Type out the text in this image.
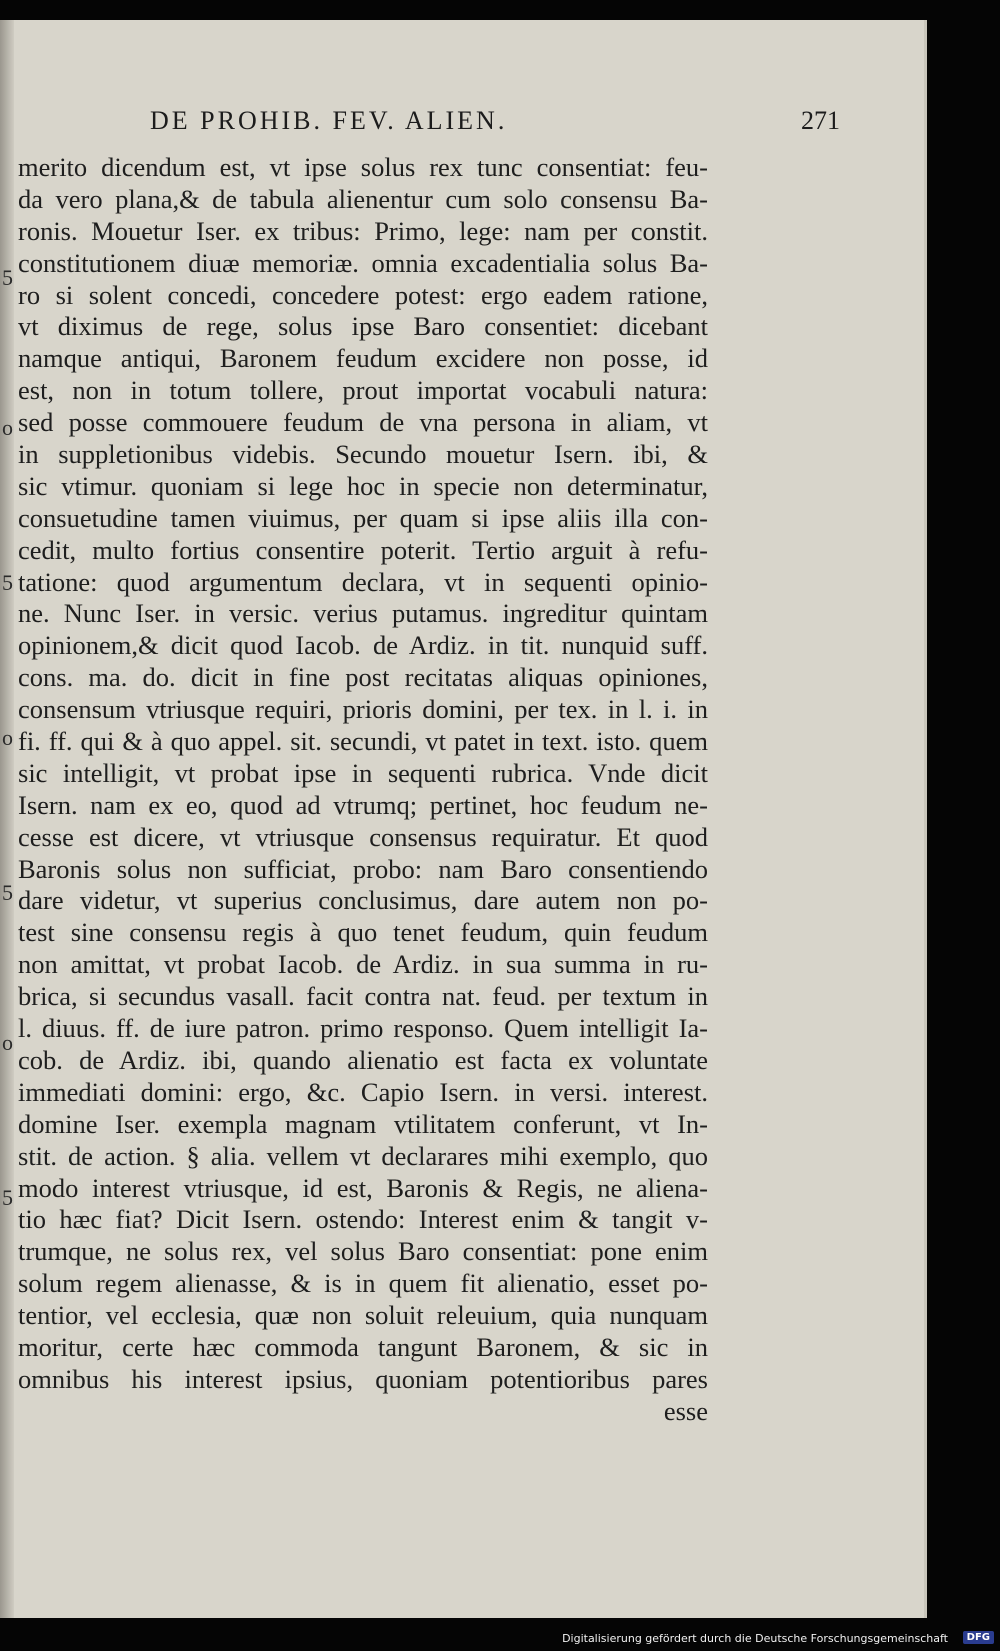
5
o
5
o
5
o
5
DE PROHIB. FEV. ALIEN.	271
merito dicendum est, vt ipse solus rex tunc consentiat: feu-
da vero plana,& de tabula alienentur cum solo consensu Ba-
ronis. Mouetur Iser. ex tribus: Primo, lege: nam per constit.
constitutionem diuæ memoriæ. omnia excadentialia solus Ba-
ro si solent concedi, concedere potest: ergo eadem ratione,
vt diximus de rege, solus ipse Baro consentiet: dicebant
namque antiqui, Baronem feudum excidere non posse, id
est, non in totum tollere, prout importat vocabuli natura:
sed posse commouere feudum de vna persona in aliam, vt
in suppletionibus videbis. Secundo mouetur Isern. ibi, &
sic vtimur. quoniam si lege hoc in specie non determinatur,
consuetudine tamen viuimus, per quam si ipse aliis illa con-
cedit, multo fortius consentire poterit. Tertio arguit à refu-
tatione: quod argumentum declara, vt in sequenti opinio-
ne. Nunc Iser. in versic. verius putamus. ingreditur quintam
opinionem,& dicit quod Iacob. de Ardiz. in tit. nunquid suff.
cons. ma. do. dicit in fine post recitatas aliquas opiniones,
consensum vtriusque requiri, prioris domini, per tex. in l. i. in
fi. ff. qui & à quo appel. sit. secundi, vt patet in text. isto. quem
sic intelligit, vt probat ipse in sequenti rubrica. Vnde dicit
Isern. nam ex eo, quod ad vtrumq; pertinet, hoc feudum ne-
cesse est dicere, vt vtriusque consensus requiratur. Et quod
Baronis solus non sufficiat, probo: nam Baro consentiendo
dare videtur, vt superius conclusimus, dare autem non po-
test sine consensu regis à quo tenet feudum, quin feudum
non amittat, vt probat Iacob. de Ardiz. in sua summa in ru-
brica, si secundus vasall. facit contra nat. feud. per textum in
l. diuus. ff. de iure patron. primo responso. Quem intelligit Ia-
cob. de Ardiz. ibi, quando alienatio est facta ex voluntate
immediati domini: ergo, &c. Capio Isern. in versi. interest.
domine Iser. exempla magnam vtilitatem conferunt, vt In-
stit. de action. § alia. vellem vt declarares mihi exemplo, quo
modo interest vtriusque, id est, Baronis & Regis, ne aliena-
tio hæc fiat? Dicit Isern. ostendo: Interest enim & tangit v-
trumque, ne solus rex, vel solus Baro consentiat: pone enim
solum regem alienasse, & is in quem fit alienatio, esset po-
tentior, vel ecclesia, quæ non soluit releuium, quia nunquam
moritur, certe hæc commoda tangunt Baronem, & sic in
omnibus his interest ipsius, quoniam potentioribus pares
esse
Digitalisierung gefördert durch die Deutsche Forschungsgemeinschaft	DFG
